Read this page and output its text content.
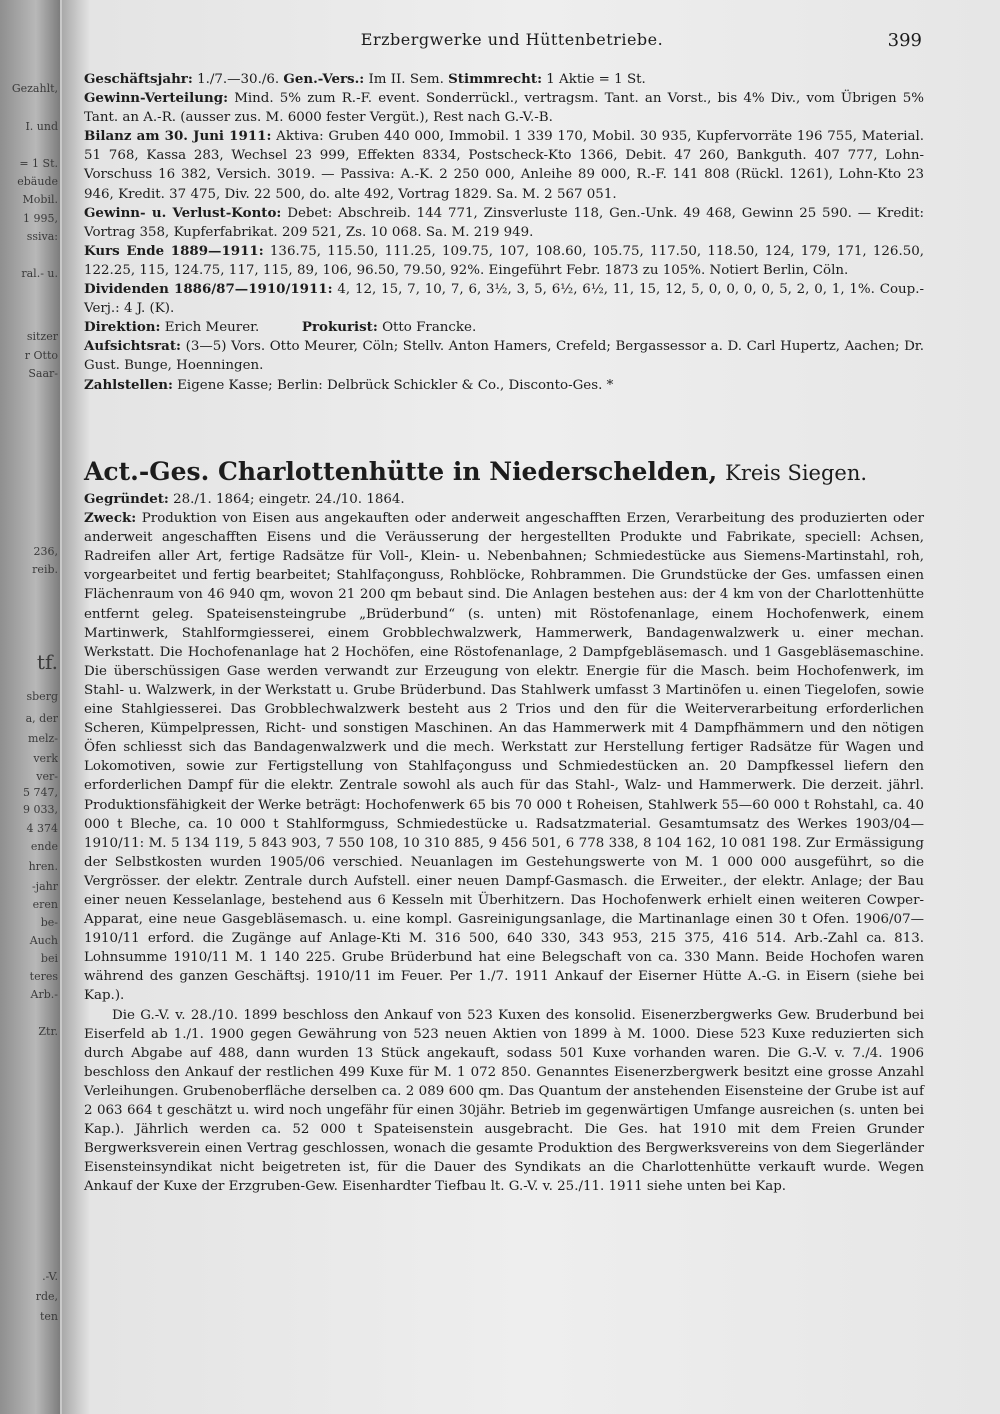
Gezahlt,
I. und
= 1 St.
ebäude
Mobil.
1 995,
ssiva:
ral.- u.
sitzer
r Otto
Saar-
236,
reib.
tf.
sberg
a, der
melz-
verk
ver-
5 747,
9 033,
4 374
ende
hren.
-jahr
eren
be-
Auch
bei
teres
Arb.-
Ztr.
.-V.
rde,
ten
Erzbergwerke und Hüttenbetriebe.	399

Geschäftsjahr: 1./7.—30./6. Gen.-Vers.: Im II. Sem. Stimmrecht: 1 Aktie = 1 St.

Gewinn-Verteilung: Mind. 5% zum R.-F. event. Sonderrückl., vertragsm. Tant. an Vorst., bis 4% Div., vom Übrigen 5% Tant. an A.-R. (ausser zus. M. 6000 fester Vergüt.), Rest nach G.-V.-B.

Bilanz am 30. Juni 1911: Aktiva: Gruben 440 000, Immobil. 1 339 170, Mobil. 30 935, Kupfervorräte 196 755, Material. 51 768, Kassa 283, Wechsel 23 999, Effekten 8334, Postscheck-Kto 1366, Debit. 47 260, Bankguth. 407 777, Lohn-Vorschuss 16 382, Versich. 3019. — Passiva: A.-K. 2 250 000, Anleihe 89 000, R.-F. 141 808 (Rückl. 1261), Lohn-Kto 23 946, Kredit. 37 475, Div. 22 500, do. alte 492, Vortrag 1829. Sa. M. 2 567 051.

Gewinn- u. Verlust-Konto: Debet: Abschreib. 144 771, Zinsverluste 118, Gen.-Unk. 49 468, Gewinn 25 590. — Kredit: Vortrag 358, Kupferfabrikat. 209 521, Zs. 10 068. Sa. M. 219 949.

Kurs Ende 1889—1911: 136.75, 115.50, 111.25, 109.75, 107, 108.60, 105.75, 117.50, 118.50, 124, 179, 171, 126.50, 122.25, 115, 124.75, 117, 115, 89, 106, 96.50, 79.50, 92%. Eingeführt Febr. 1873 zu 105%. Notiert Berlin, Cöln.

Dividenden 1886/87—1910/1911: 4, 12, 15, 7, 10, 7, 6, 3½, 3, 5, 6½, 6½, 11, 15, 12, 5, 0, 0, 0, 0, 5, 2, 0, 1, 1%. Coup.-Verj.: 4 J. (K).

Direktion: Erich Meurer.	Prokurist: Otto Francke.

Aufsichtsrat: (3—5) Vors. Otto Meurer, Cöln; Stellv. Anton Hamers, Crefeld; Bergassessor a. D. Carl Hupertz, Aachen; Dr. Gust. Bunge, Hoenningen.

Zahlstellen: Eigene Kasse; Berlin: Delbrück Schickler & Co., Disconto-Ges. *

Act.-Ges. Charlottenhütte in Niederschelden, Kreis Siegen.

Gegründet: 28./1. 1864; eingetr. 24./10. 1864.

Zweck: Produktion von Eisen aus angekauften oder anderweit angeschafften Erzen, Verarbeitung des produzierten oder anderweit angeschafften Eisens und die Veräusserung der hergestellten Produkte und Fabrikate, speciell: Achsen, Radreifen aller Art, fertige Radsätze für Voll-, Klein- u. Nebenbahnen; Schmiedestücke aus Siemens-Martinstahl, roh, vorgearbeitet und fertig bearbeitet; Stahlfaçonguss, Rohblöcke, Rohbrammen. Die Grundstücke der Ges. umfassen einen Flächenraum von 46 940 qm, wovon 21 200 qm bebaut sind. Die Anlagen bestehen aus: der 4 km von der Charlottenhütte entfernt geleg. Spateisensteingrube „Brüderbund“ (s. unten) mit Röstofenanlage, einem Hochofenwerk, einem Martinwerk, Stahlformgiesserei, einem Grobblechwalzwerk, Hammerwerk, Bandagenwalzwerk u. einer mechan. Werkstatt. Die Hochofenanlage hat 2 Hochöfen, eine Röstofenanlage, 2 Dampfgebläsemasch. und 1 Gasgebläsemaschine. Die überschüssigen Gase werden verwandt zur Erzeugung von elektr. Energie für die Masch. beim Hochofenwerk, im Stahl- u. Walzwerk, in der Werkstatt u. Grube Brüderbund. Das Stahlwerk umfasst 3 Martinöfen u. einen Tiegelofen, sowie eine Stahlgiesserei. Das Grobblechwalzwerk besteht aus 2 Trios und den für die Weiterverarbeitung erforderlichen Scheren, Kümpelpressen, Richt- und sonstigen Maschinen. An das Hammerwerk mit 4 Dampfhämmern und den nötigen Öfen schliesst sich das Bandagenwalzwerk und die mech. Werkstatt zur Herstellung fertiger Radsätze für Wagen und Lokomotiven, sowie zur Fertigstellung von Stahlfaçonguss und Schmiedestücken an. 20 Dampfkessel liefern den erforderlichen Dampf für die elektr. Zentrale sowohl als auch für das Stahl-, Walz- und Hammerwerk. Die derzeit. jährl. Produktionsfähigkeit der Werke beträgt: Hochofenwerk 65 bis 70 000 t Roheisen, Stahlwerk 55—60 000 t Rohstahl, ca. 40 000 t Bleche, ca. 10 000 t Stahlformguss, Schmiedestücke u. Radsatzmaterial. Gesamtumsatz des Werkes 1903/04—1910/11: M. 5 134 119, 5 843 903, 7 550 108, 10 310 885, 9 456 501, 6 778 338, 8 104 162, 10 081 198. Zur Ermässigung der Selbstkosten wurden 1905/06 verschied. Neuanlagen im Gestehungswerte von M. 1 000 000 ausgeführt, so die Vergrösser. der elektr. Zentrale durch Aufstell. einer neuen Dampf-Gasmasch. die Erweiter., der elektr. Anlage; der Bau einer neuen Kesselanlage, bestehend aus 6 Kesseln mit Überhitzern. Das Hochofenwerk erhielt einen weiteren Cowper-Apparat, eine neue Gasgebläsemasch. u. eine kompl. Gasreinigungsanlage, die Martinanlage einen 30 t Ofen. 1906/07—1910/11 erford. die Zugänge auf Anlage-Kti M. 316 500, 640 330, 343 953, 215 375, 416 514. Arb.-Zahl ca. 813. Lohnsumme 1910/11 M. 1 140 225. Grube Brüderbund hat eine Belegschaft von ca. 330 Mann. Beide Hochofen waren während des ganzen Geschäftsj. 1910/11 im Feuer. Per 1./7. 1911 Ankauf der Eiserner Hütte A.-G. in Eisern (siehe bei Kap.).

Die G.-V. v. 28./10. 1899 beschloss den Ankauf von 523 Kuxen des konsolid. Eisenerzbergwerks Gew. Bruderbund bei Eiserfeld ab 1./1. 1900 gegen Gewährung von 523 neuen Aktien von 1899 à M. 1000. Diese 523 Kuxe reduzierten sich durch Abgabe auf 488, dann wurden 13 Stück angekauft, sodass 501 Kuxe vorhanden waren. Die G.-V. v. 7./4. 1906 beschloss den Ankauf der restlichen 499 Kuxe für M. 1 072 850. Genanntes Eisenerzbergwerk besitzt eine grosse Anzahl Verleihungen. Grubenoberfläche derselben ca. 2 089 600 qm. Das Quantum der anstehenden Eisensteine der Grube ist auf 2 063 664 t geschätzt u. wird noch ungefähr für einen 30jähr. Betrieb im gegenwärtigen Umfange ausreichen (s. unten bei Kap.). Jährlich werden ca. 52 000 t Spateisenstein ausgebracht. Die Ges. hat 1910 mit dem Freien Grunder Bergwerksverein einen Vertrag geschlossen, wonach die gesamte Produktion des Bergwerksvereins von dem Siegerländer Eisensteinsyndikat nicht beigetreten ist, für die Dauer des Syndikats an die Charlottenhütte verkauft wurde. Wegen Ankauf der Kuxe der Erzgruben-Gew. Eisenhardter Tiefbau lt. G.-V. v. 25./11. 1911 siehe unten bei Kap.
